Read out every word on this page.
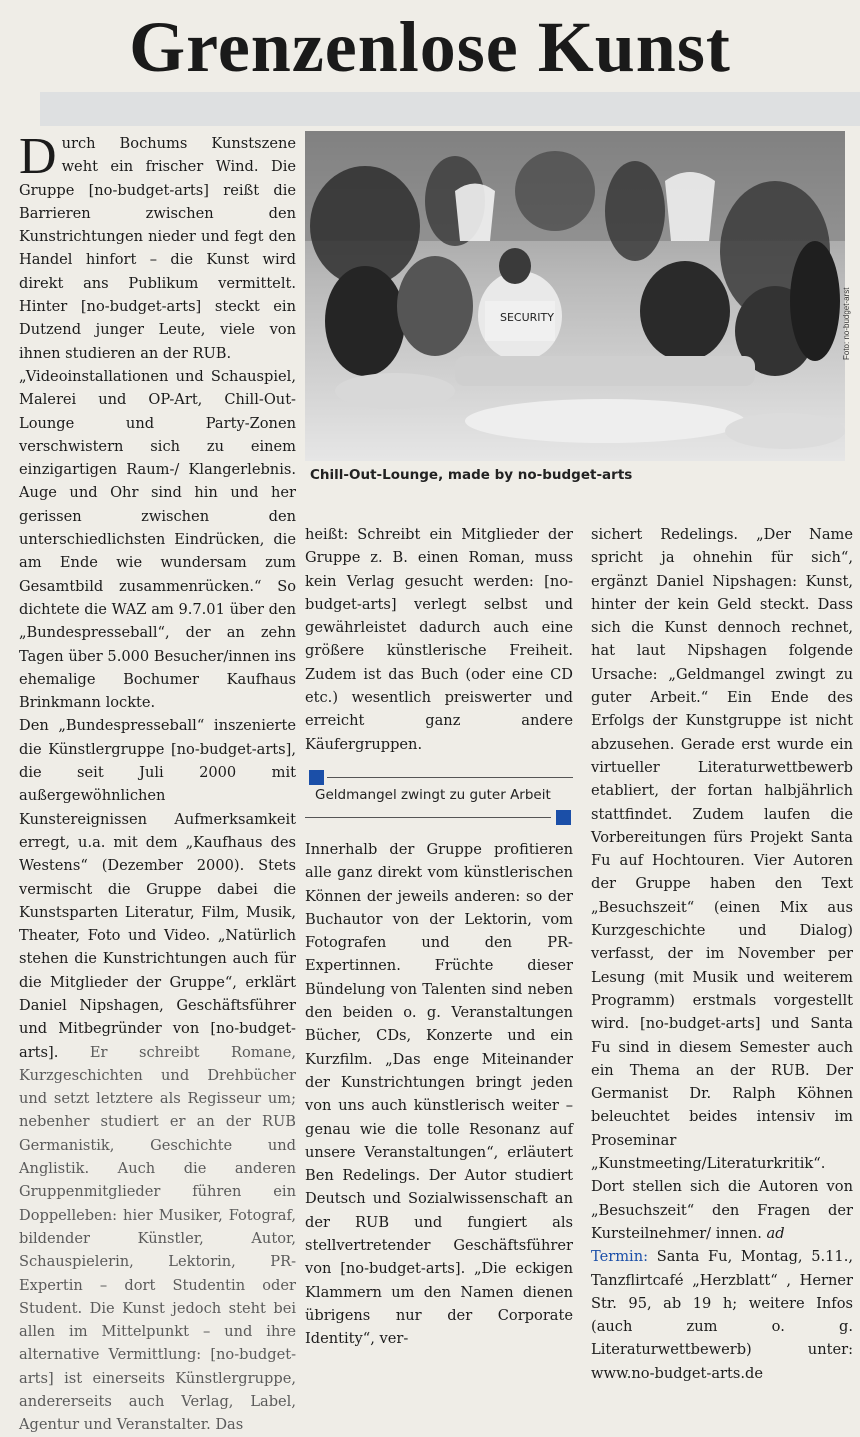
Grenzenlose Kunst

Durch Bochums Kunstszene weht ein frischer Wind. Die Gruppe [no-budget-arts] reißt die Barrieren zwischen den Kunstrichtungen nieder und fegt den Handel hinfort – die Kunst wird direkt ans Publikum vermittelt. Hinter [no-budget-arts] steckt ein Dutzend junger Leute, viele von ihnen studieren an der RUB.

„Videoinstallationen und Schauspiel, Malerei und OP-Art, Chill-Out-Lounge und Party-Zonen verschwistern sich zu einem einzigartigen Raum-/ Klangerlebnis. Auge und Ohr sind hin und her gerissen zwischen den unterschiedlichsten Eindrücken, die am Ende wie wundersam zum Gesamtbild zusammenrücken.“ So dichtete die WAZ am 9.7.01 über den „Bundespresseball“, der an zehn Tagen über 5.000 Besucher/innen ins ehemalige Bochumer Kaufhaus Brinkmann lockte.

Den „Bundespresseball“ inszenierte die Künstlergruppe [no-budget-arts], die seit Juli 2000 mit außergewöhnlichen Kunstereignissen Aufmerksamkeit erregt, u.a. mit dem „Kaufhaus des Westens“ (Dezember 2000). Stets vermischt die Gruppe dabei die Kunstsparten Literatur, Film, Musik, Theater, Foto und Video. „Natürlich stehen die Kunstrichtungen auch für die Mitglieder der Gruppe“, erklärt Daniel Nipshagen, Geschäftsführer und Mitbegründer von [no-budget-arts]. Er schreibt Romane, Kurzgeschichten und Drehbücher und setzt letztere als Regisseur um; nebenher studiert er an der RUB Germanistik, Geschichte und Anglistik. Auch die anderen Gruppenmitglieder führen ein Doppelleben: hier Musiker, Fotograf, bildender Künstler, Autor, Schauspielerin, Lektorin, PR-Expertin – dort Studentin oder Student. Die Kunst jedoch steht bei allen im Mittelpunkt – und ihre alternative Vermittlung: [no-budget-arts] ist einerseits Künstlergruppe, andererseits auch Verlag, Label, Agentur und Veranstalter. Das

SECURITY	Foto: no-budget-arst
Chill-Out-Lounge, made by no-budget-arts

heißt: Schreibt ein Mitglieder der Gruppe z. B. einen Roman, muss kein Verlag gesucht werden: [no-budget-arts] verlegt selbst und gewährleistet dadurch auch eine größere künstlerische Freiheit. Zudem ist das Buch (oder eine CD etc.) wesentlich preiswerter und erreicht ganz andere Käufergruppen.

Geldmangel zwingt zu guter Arbeit

Innerhalb der Gruppe profitieren alle ganz direkt vom künstlerischen Können der jeweils anderen: so der Buchautor von der Lektorin, vom Fotografen und den PR-Expertinnen. Früchte dieser Bündelung von Talenten sind neben den beiden o. g. Veranstaltungen Bücher, CDs, Konzerte und ein Kurzfilm. „Das enge Miteinander der Kunstrichtungen bringt jeden von uns auch künstlerisch weiter – genau wie die tolle Resonanz auf unsere Veranstaltungen“, erläutert Ben Redelings. Der Autor studiert Deutsch und Sozialwissenschaft an der RUB und fungiert als stellvertretender Geschäftsführer von [no-budget-arts]. „Die eckigen Klammern um den Namen dienen übrigens nur der Corporate Identity“, ver-

sichert Redelings. „Der Name spricht ja ohnehin für sich“, ergänzt Daniel Nipshagen: Kunst, hinter der kein Geld steckt. Dass sich die Kunst dennoch rechnet, hat laut Nipshagen folgende Ursache: „Geldmangel zwingt zu guter Arbeit.“ Ein Ende des Erfolgs der Kunstgruppe ist nicht abzusehen. Gerade erst wurde ein virtueller Literaturwettbewerb etabliert, der fortan halbjährlich stattfindet. Zudem laufen die Vorbereitungen fürs Projekt Santa Fu auf Hochtouren. Vier Autoren der Gruppe haben den Text „Besuchszeit“ (einen Mix aus Kurzgeschichte und Dialog) verfasst, der im November per Lesung (mit Musik und weiterem Programm) erstmals vorgestellt wird. [no-budget-arts] und Santa Fu sind in diesem Semester auch ein Thema an der RUB. Der Germanist Dr. Ralph Köhnen beleuchtet beides intensiv im Proseminar „Kunstmeeting/Literaturkritik“. Dort stellen sich die Autoren von „Besuchszeit“ den Fragen der Kursteilnehmer/ innen. ad

Termin: Santa Fu, Montag, 5.11., Tanzflirtcafé „Herzblatt“ , Herner Str. 95, ab 19 h; weitere Infos (auch zum o. g. Literaturwettbewerb) unter: www.no-budget-arts.de
